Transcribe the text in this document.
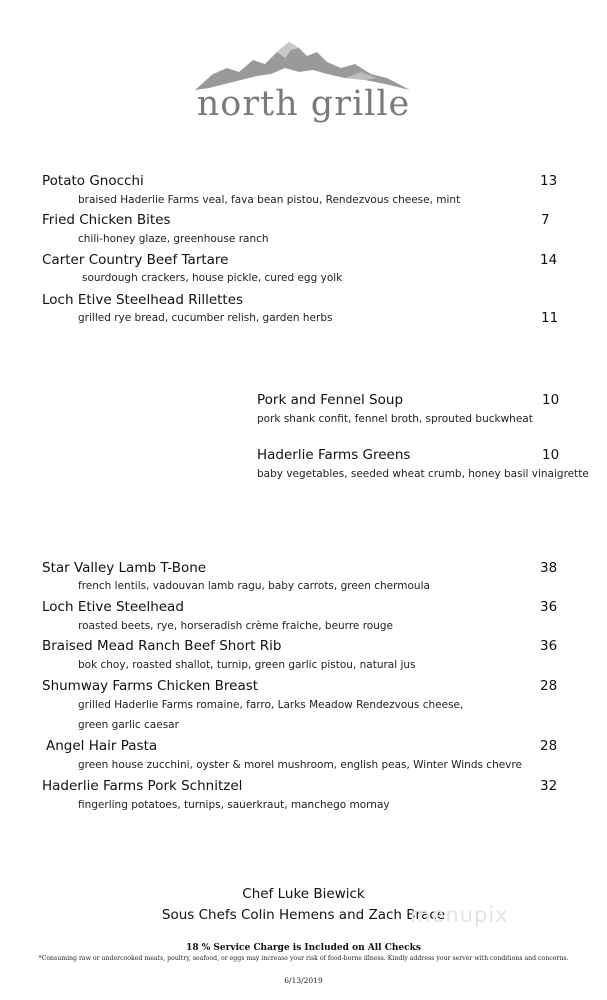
north grille
Potato Gnocchi	13
braised Haderlie Farms veal, fava bean pistou, Rendezvous cheese, mint
Fried Chicken Bites	7
chili-honey glaze, greenhouse ranch
Carter Country Beef Tartare	14
sourdough crackers, house pickle, cured egg yolk
Loch Etive Steelhead Rillettes
grilled rye bread, cucumber relish, garden herbs	11
Pork and Fennel Soup	10
pork shank confit, fennel broth, sprouted buckwheat
Haderlie Farms Greens	10
baby vegetables, seeded wheat crumb, honey basil vinaigrette
Star Valley Lamb T-Bone	38
french lentils, vadouvan lamb ragu, baby carrots, green chermoula
Loch Etive Steelhead	36
roasted beets, rye, horseradish crème fraiche, beurre rouge
Braised Mead Ranch Beef Short Rib	36
bok choy, roasted shallot, turnip, green garlic pistou, natural jus
Shumway Farms Chicken Breast	28
grilled Haderlie Farms romaine, farro, Larks Meadow Rendezvous cheese,
green garlic caesar
Angel Hair Pasta	28
green house zucchini, oyster & morel mushroom, english peas, Winter Winds chevre
Haderlie Farms Pork Schnitzel	32
fingerling potatoes, turnips, sauerkraut, manchego mornay
Chef Luke Biewick
Sous Chefs Colin Hemens and Zach Brace
menupix
18 % Service Charge is Included on All Checks
*Consuming raw or undercooked meats, poultry, seafood, or eggs may increase your risk of food-borne illness. Kindly address your server with conditions and concerns.
6/13/2019
